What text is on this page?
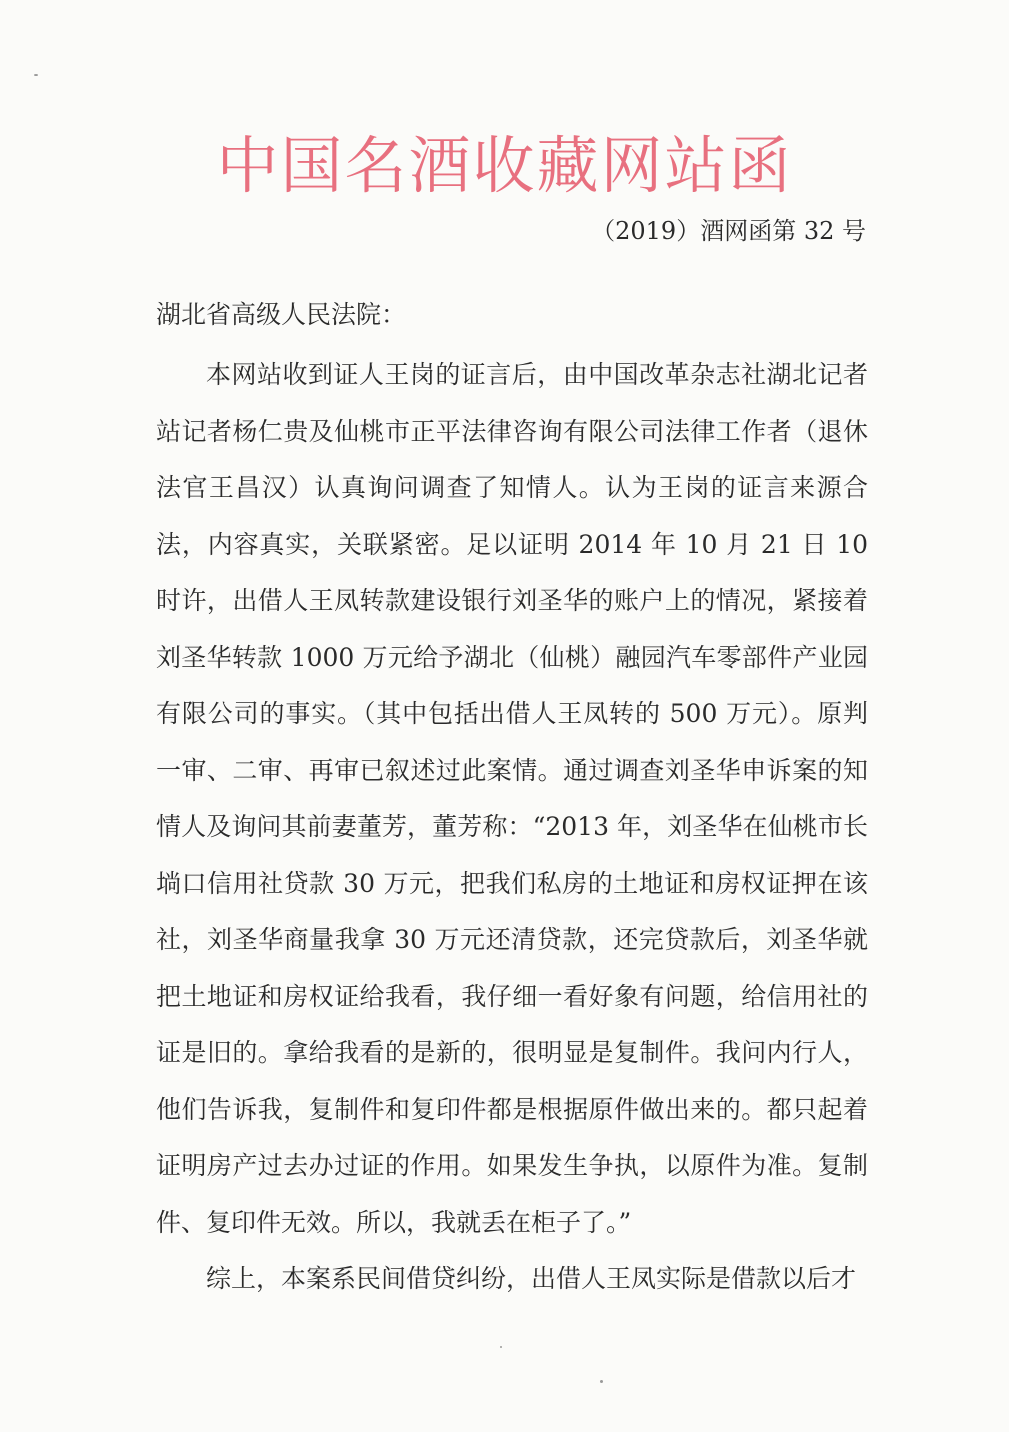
中国名酒收藏网站函
（2019）酒网函第 32 号
湖北省高级人民法院：

本网站收到证人王岗的证言后，由中国改革杂志社湖北记者站记者杨仁贵及仙桃市正平法律咨询有限公司法律工作者（退休法官王昌汉）认真询问调查了知情人。认为王岗的证言来源合法，内容真实，关联紧密。足以证明 2014 年 10 月 21 日 10 时许，出借人王凤转款建设银行刘圣华的账户上的情况，紧接着刘圣华转款 1000 万元给予湖北（仙桃）融园汽车零部件产业园有限公司的事实。（其中包括出借人王凤转的 500 万元）。原判一审、二审、再审已叙述过此案情。通过调查刘圣华申诉案的知情人及询问其前妻董芳，董芳称：“2013 年，刘圣华在仙桃市长埫口信用社贷款 30 万元，把我们私房的土地证和房权证押在该社，刘圣华商量我拿 30 万元还清贷款，还完贷款后，刘圣华就把土地证和房权证给我看，我仔细一看好象有问题，给信用社的证是旧的。拿给我看的是新的，很明显是复制件。我问内行人，他们告诉我，复制件和复印件都是根据原件做出来的。都只起着证明房产过去办过证的作用。如果发生争执，以原件为准。复制件、复印件无效。所以，我就丢在柜子了。”

综上，本案系民间借贷纠纷，出借人王凤实际是借款以后才
